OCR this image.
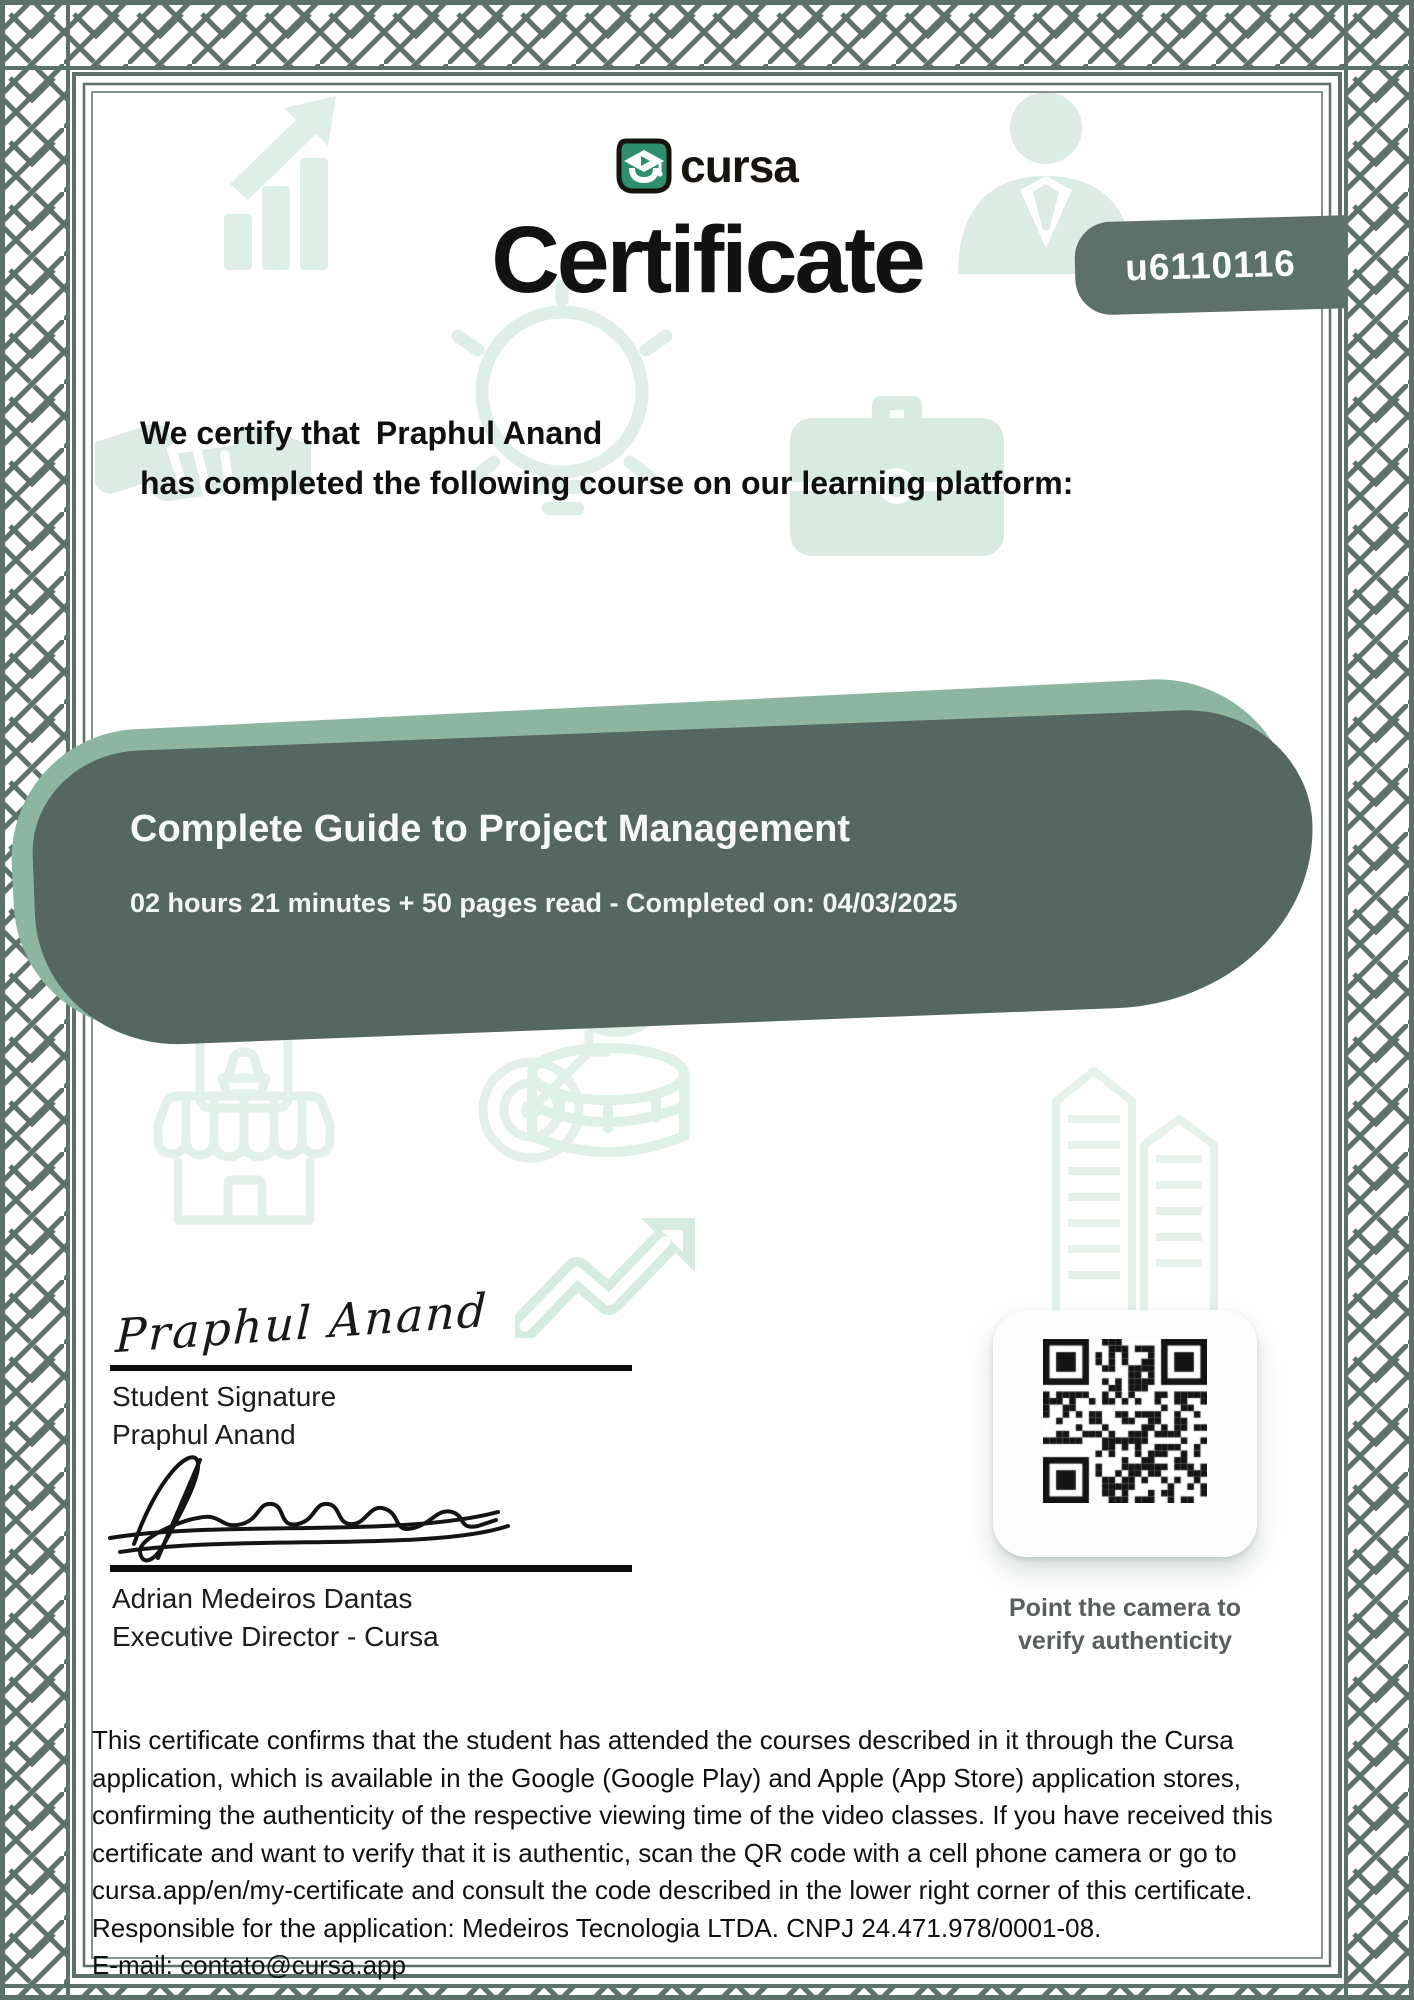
cursa
Certificate	u6110116
We certify that Praphul Anand
has completed the following course on our learning platform:
Complete Guide to Project Management
02 hours 21 minutes + 50 pages read - Completed on: 04/03/2025
Praphul Anand
Student Signature
Praphul Anand
Adrian Medeiros Dantas
Executive Director - Cursa
Point the camera to
verify authenticity
This certificate confirms that the student has attended the courses described in it through the Cursa application, which is available in the Google (Google Play) and Apple (App Store) application stores, confirming the authenticity of the respective viewing time of the video classes. If you have received this certificate and want to verify that it is authentic, scan the QR code with a cell phone camera or go to cursa.app/en/my-certificate and consult the code described in the lower right corner of this certificate.
Responsible for the application: Medeiros Tecnologia LTDA. CNPJ 24.471.978/0001-08.
E-mail: contato@cursa.app
